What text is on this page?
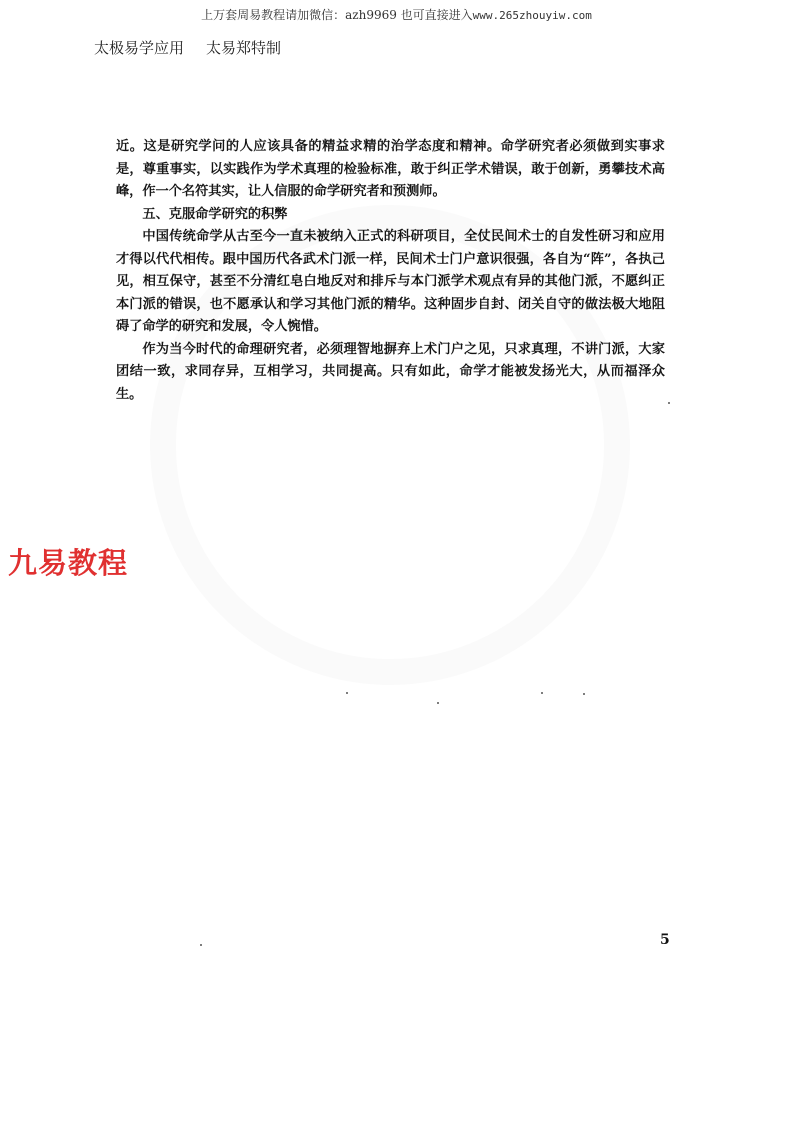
上万套周易教程请加微信：azh9969 也可直接进入www.265zhouyiw.com
太极易学应用 太易郑特制

近。这是研究学问的人应该具备的精益求精的治学态度和精神。命学研究者必须做到实事求是，尊重事实，以实践作为学术真理的检验标准，敢于纠正学术错误，敢于创新，勇攀技术高峰，作一个名符其实，让人信服的命学研究者和预测师。

五、克服命学研究的积弊

中国传统命学从古至今一直未被纳入正式的科研项目，全仗民间术士的自发性研习和应用才得以代代相传。跟中国历代各武术门派一样，民间术士门户意识很强，各自为“阵”，各执己见，相互保守，甚至不分清红皂白地反对和排斥与本门派学术观点有异的其他门派，不愿纠正本门派的错误，也不愿承认和学习其他门派的精华。这种固步自封、闭关自守的做法极大地阻碍了命学的研究和发展，令人惋惜。

作为当今时代的命理研究者，必须理智地摒弃上术门户之见，只求真理，不讲门派，大家团结一致，求同存异，互相学习，共同提高。只有如此，命学才能被发扬光大，从而福泽众生。

九易教程
5
